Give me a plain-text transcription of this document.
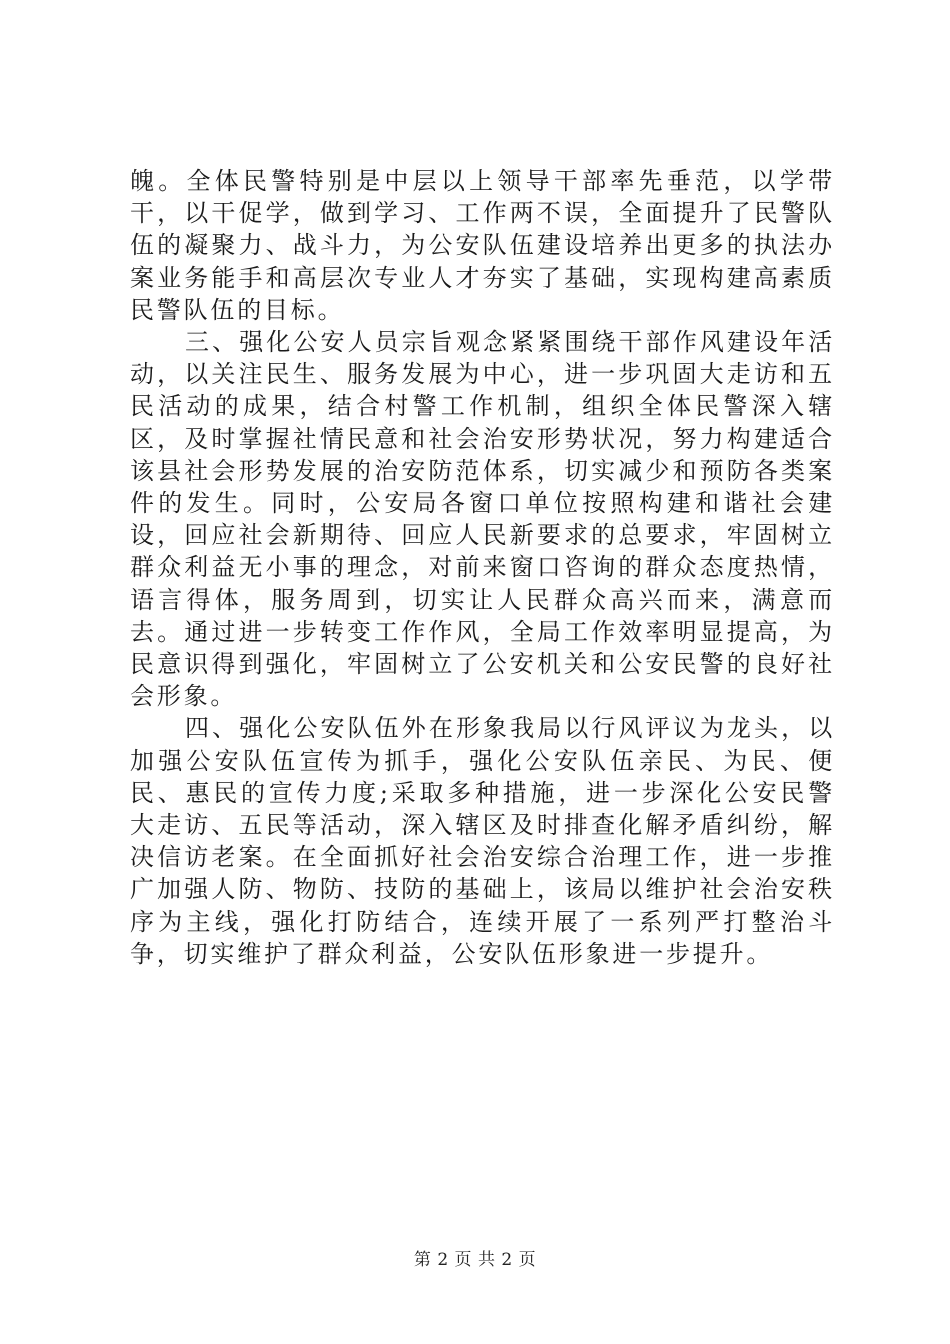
魄。全体民警特别是中层以上领导干部率先垂范，以学带干，以干促学，做到学习、工作两不误，全面提升了民警队伍的凝聚力、战斗力，为公安队伍建设培养出更多的执法办案业务能手和高层次专业人才夯实了基础，实现构建高素质民警队伍的目标。

三、强化公安人员宗旨观念紧紧围绕干部作风建设年活动，以关注民生、服务发展为中心，进一步巩固大走访和五民活动的成果，结合村警工作机制，组织全体民警深入辖区，及时掌握社情民意和社会治安形势状况，努力构建适合该县社会形势发展的治安防范体系，切实减少和预防各类案件的发生。同时，公安局各窗口单位按照构建和谐社会建设，回应社会新期待、回应人民新要求的总要求，牢固树立群众利益无小事的理念，对前来窗口咨询的群众态度热情，语言得体，服务周到，切实让人民群众高兴而来，满意而去。通过进一步转变工作作风，全局工作效率明显提高，为民意识得到强化，牢固树立了公安机关和公安民警的良好社会形象。

四、强化公安队伍外在形象我局以行风评议为龙头，以加强公安队伍宣传为抓手，强化公安队伍亲民、为民、便民、惠民的宣传力度;采取多种措施，进一步深化公安民警大走访、五民等活动，深入辖区及时排查化解矛盾纠纷，解决信访老案。在全面抓好社会治安综合治理工作，进一步推广加强人防、物防、技防的基础上，该局以维护社会治安秩序为主线，强化打防结合，连续开展了一系列严打整治斗争，切实维护了群众利益，公安队伍形象进一步提升。

第 2 页 共 2 页
